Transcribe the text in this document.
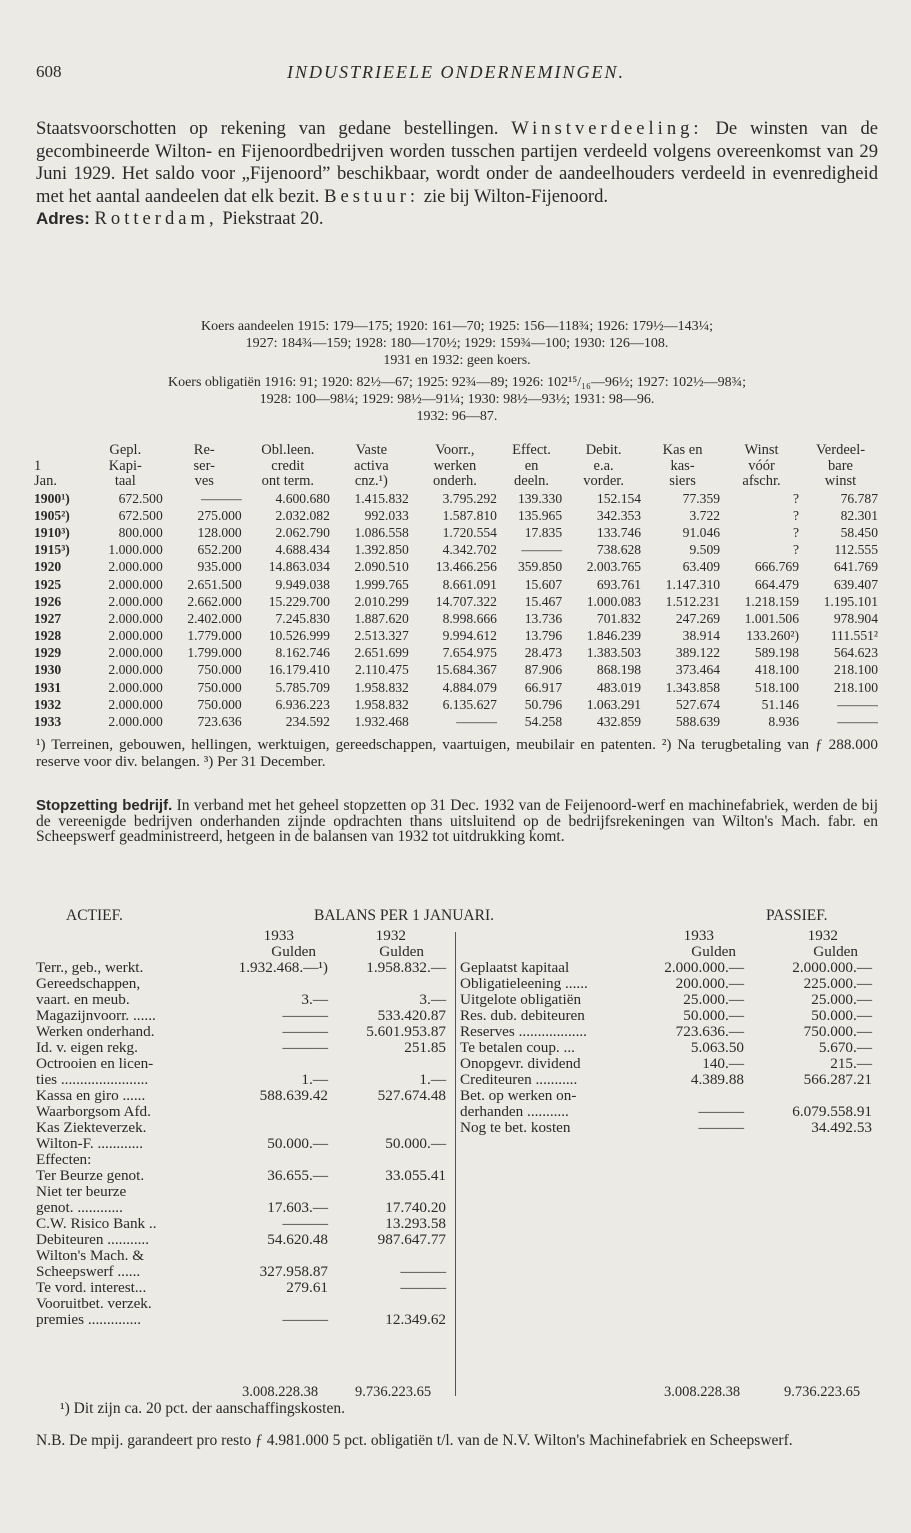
608	INDUSTRIEELE ONDERNEMINGEN.
Staatsvoorschotten op rekening van gedane bestellingen. Winstverdeeling: De winsten van de gecombineerde Wilton- en Fijenoordbedrijven worden tusschen partijen verdeeld volgens overeenkomst van 29 Juni 1929. Het saldo voor „Fijenoord” beschikbaar, wordt onder de aandeelhouders verdeeld in evenredigheid met het aantal aandeelen dat elk bezit. Bestuur: zie bij Wilton-Fijenoord.
Adres: Rotterdam, Piekstraat 20.
Koers aandeelen 1915: 179—175; 1920: 161—70; 1925: 156—118¾; 1926: 179½—143¼;
1927: 184¾—159; 1928: 180—170½; 1929: 159¾—100; 1930: 126—108.
1931 en 1932: geen koers.
Koers obligatiën 1916: 91; 1920: 82½—67; 1925: 92¾—89; 1926: 102¹⁵/₁₆—96½; 1927: 102½—98¾;
1928: 100—98¼; 1929: 98½—91¼; 1930: 98½—93½; 1931: 98—96.
1932: 96—87.
	Gepl.	Re-	Obl.leen.	Vaste	Voorr.,	Effect.	Debit.	Kas en	Winst	Verdeel-
1	Kapi-	ser-	credit	activa	werken	en	e.a.	kas-	vóór	bare
Jan.	taal	ves	ont term.	cnz.¹)	onderh.	deeln.	vorder.	siers	afschr.	winst
1900¹)	672.500	———	4.600.680	1.415.832	3.795.292	139.330	152.154	77.359	?	76.787
1905²)	672.500	275.000	2.032.082	992.033	1.587.810	135.965	342.353	3.722	?	82.301
1910³)	800.000	128.000	2.062.790	1.086.558	1.720.554	17.835	133.746	91.046	?	58.450
1915³)	1.000.000	652.200	4.688.434	1.392.850	4.342.702	———	738.628	9.509	?	112.555
1920	2.000.000	935.000	14.863.034	2.090.510	13.466.256	359.850	2.003.765	63.409	666.769	641.769
1925	2.000.000	2.651.500	9.949.038	1.999.765	8.661.091	15.607	693.761	1.147.310	664.479	639.407
1926	2.000.000	2.662.000	15.229.700	2.010.299	14.707.322	15.467	1.000.083	1.512.231	1.218.159	1.195.101
1927	2.000.000	2.402.000	7.245.830	1.887.620	8.998.666	13.736	701.832	247.269	1.001.506	978.904
1928	2.000.000	1.779.000	10.526.999	2.513.327	9.994.612	13.796	1.846.239	38.914	133.260²)	111.551²
1929	2.000.000	1.799.000	8.162.746	2.651.699	7.654.975	28.473	1.383.503	389.122	589.198	564.623
1930	2.000.000	750.000	16.179.410	2.110.475	15.684.367	87.906	868.198	373.464	418.100	218.100
1931	2.000.000	750.000	5.785.709	1.958.832	4.884.079	66.917	483.019	1.343.858	518.100	218.100
1932	2.000.000	750.000	6.936.223	1.958.832	6.135.627	50.796	1.063.291	527.674	51.146	———
1933	2.000.000	723.636	234.592	1.932.468	———	54.258	432.859	588.639	8.936	———
¹) Terreinen, gebouwen, hellingen, werktuigen, gereedschappen, vaartuigen, meubilair en patenten. ²) Na terugbetaling van ƒ 288.000 reserve voor div. belangen. ³) Per 31 December.
Stopzetting bedrijf. In verband met het geheel stopzetten op 31 Dec. 1932 van de Feijenoord-werf en machinefabriek, werden de bij de vereenigde bedrijven onderhanden zijnde opdrachten thans uitsluitend op de bedrijfsrekeningen van Wilton's Mach. fabr. en Scheepswerf geadministreerd, hetgeen in de balansen van 1932 tot uitdrukking komt.
ACTIEF.	BALANS PER 1 JANUARI.	PASSIEF.
1933	1932
Gulden	Gulden
Terr., geb., werkt.	1.932.468.—¹)	1.958.832.—
Gereedschappen,
vaart. en meub.	3.—	3.—
Magazijnvoorr. ......	———	533.420.87
Werken onderhand.	———	5.601.953.87
Id. v. eigen rekg.	———	251.85
Octrooien en licen-
ties .......................	1.—	1.—
Kassa en giro ......	588.639.42	527.674.48
Waarborgsom Afd.
Kas Ziekteverzek.
Wilton-F. ............	50.000.—	50.000.—
Effecten:
Ter Beurze genot.	36.655.—	33.055.41
Niet ter beurze
genot. ............	17.603.—	17.740.20
C.W. Risico Bank ..	———	13.293.58
Debiteuren ...........	54.620.48	987.647.77
Wilton's Mach. &
Scheepswerf ......	327.958.87	———
Te vord. interest...	279.61	———
Vooruitbet. verzek.
premies ..............	———	12.349.62
1933	1932
Gulden	Gulden
Geplaatst kapitaal	2.000.000.—	2.000.000.—
Obligatieleening ......	200.000.—	225.000.—
Uitgelote obligatiën	25.000.—	25.000.—
Res. dub. debiteuren	50.000.—	50.000.—
Reserves ..................	723.636.—	750.000.—
Te betalen coup. ...	5.063.50	5.670.—
Onopgevr. dividend	140.—	215.—
Crediteuren ...........	4.389.88	566.287.21
Bet. op werken on-
derhanden ...........	———	6.079.558.91
Nog te bet. kosten	———	34.492.53
3.008.228.38	9.736.223.65	3.008.228.38	9.736.223.65
¹) Dit zijn ca. 20 pct. der aanschaffingskosten.
N.B. De mpij. garandeert pro resto ƒ 4.981.000 5 pct. obligatiën t/l. van de N.V. Wilton's Machinefabriek en Scheepswerf.
